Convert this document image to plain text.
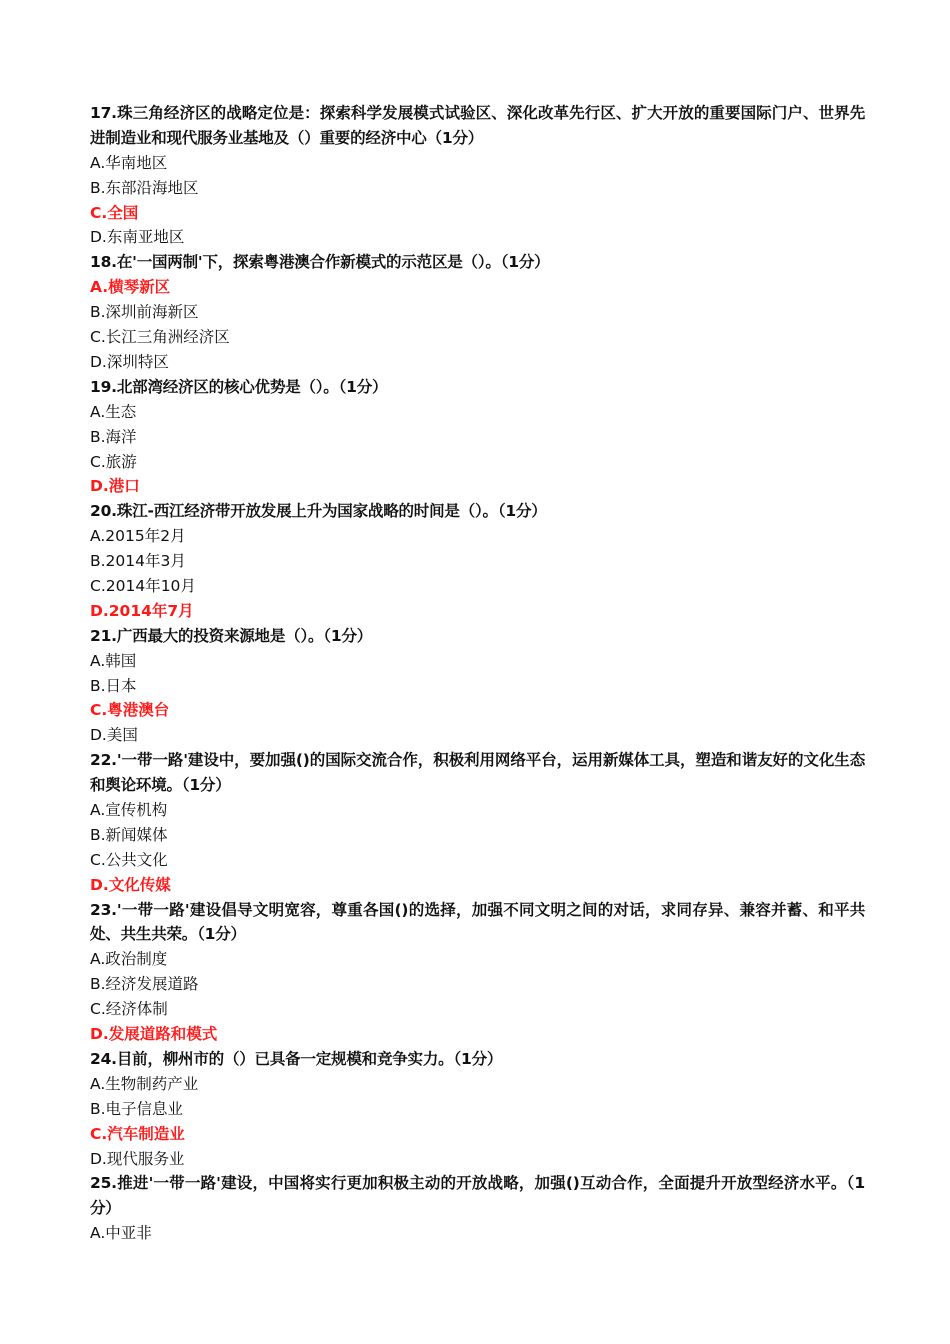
17.珠三角经济区的战略定位是：探索科学发展模式试验区、深化改革先行区、扩大开放的重要国际门户、世界先进制造业和现代服务业基地及（）重要的经济中心（1分）
A.华南地区
B.东部沿海地区
C.全国
D.东南亚地区
18.在'一国两制'下，探索粤港澳合作新模式的示范区是（）。（1分）
A.横琴新区
B.深圳前海新区
C.长江三角洲经济区
D.深圳特区
19.北部湾经济区的核心优势是（）。（1分）
A.生态
B.海洋
C.旅游
D.港口
20.珠江-西江经济带开放发展上升为国家战略的时间是（）。（1分）
A.2015年2月
B.2014年3月
C.2014年10月
D.2014年7月
21.广西最大的投资来源地是（）。（1分）
A.韩国
B.日本
C.粤港澳台
D.美国
22.'一带一路'建设中，要加强()的国际交流合作，积极利用网络平台，运用新媒体工具，塑造和谐友好的文化生态和舆论环境。（1分）
A.宣传机构
B.新闻媒体
C.公共文化
D.文化传媒
23.'一带一路'建设倡导文明宽容，尊重各国()的选择，加强不同文明之间的对话，求同存异、兼容并蓄、和平共处、共生共荣。（1分）
A.政治制度
B.经济发展道路
C.经济体制
D.发展道路和模式
24.目前，柳州市的（）已具备一定规模和竞争实力。（1分）
A.生物制药产业
B.电子信息业
C.汽车制造业
D.现代服务业
25.推进'一带一路'建设，中国将实行更加积极主动的开放战略，加强()互动合作，全面提升开放型经济水平。（1分）
A.中亚非
